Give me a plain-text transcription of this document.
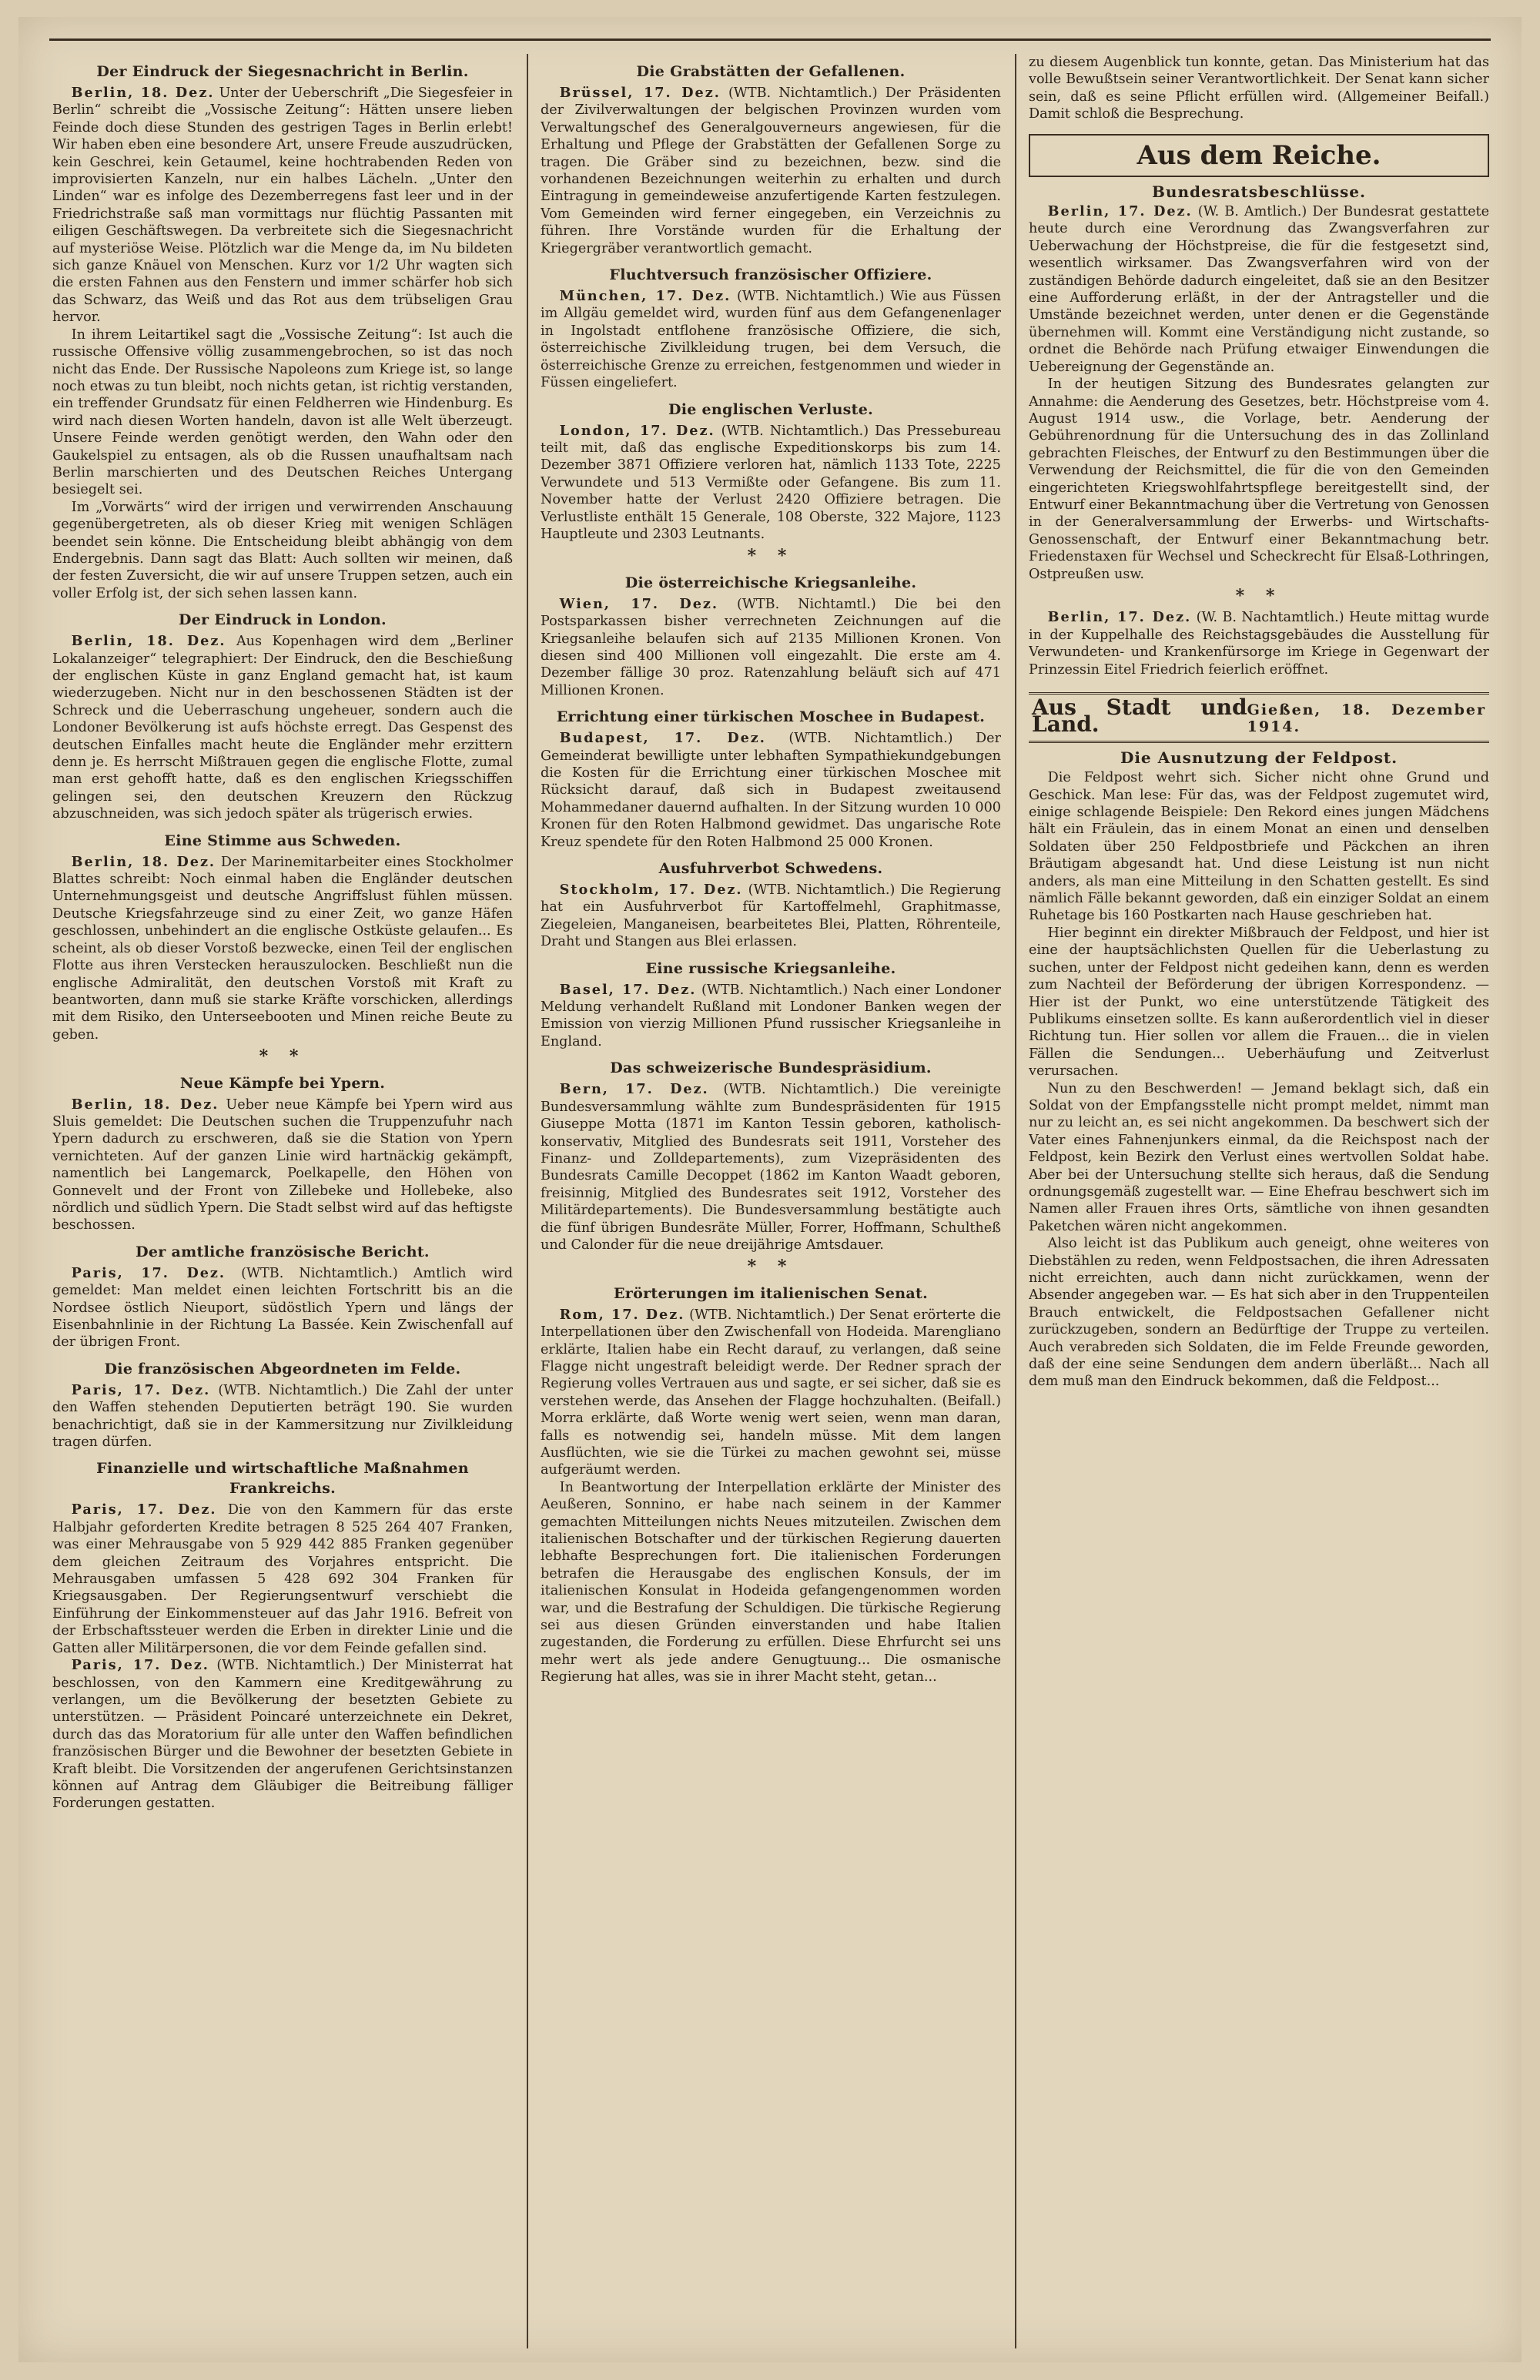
Der Eindruck der Siegesnachricht in Berlin.

Berlin, 18. Dez. Unter der Ueberschrift „Die Siegesfeier in Berlin“ schreibt die „Vossische Zeitung“: Hätten unsere lieben Feinde doch diese Stunden des gestrigen Tages in Berlin erlebt! Wir haben eben eine besondere Art, unsere Freude auszudrücken, kein Geschrei, kein Getaumel, keine hochtrabenden Reden von improvisierten Kanzeln, nur ein halbes Lächeln. „Unter den Linden“ war es infolge des Dezemberregens fast leer und in der Friedrichstraße saß man vormittags nur flüchtig Passanten mit eiligen Geschäftswegen. Da verbreitete sich die Siegesnachricht auf mysteriöse Weise. Plötzlich war die Menge da, im Nu bildeten sich ganze Knäuel von Menschen. Kurz vor 1/2 Uhr wagten sich die ersten Fahnen aus den Fenstern und immer schärfer hob sich das Schwarz, das Weiß und das Rot aus dem trübseligen Grau hervor.

In ihrem Leitartikel sagt die „Vossische Zeitung“: Ist auch die russische Offensive völlig zusammengebrochen, so ist das noch nicht das Ende. Der Russische Napoleons zum Kriege ist, so lange noch etwas zu tun bleibt, noch nichts getan, ist richtig verstanden, ein treffender Grundsatz für einen Feldherren wie Hindenburg. Es wird nach diesen Worten handeln, davon ist alle Welt überzeugt. Unsere Feinde werden genötigt werden, den Wahn oder den Gaukelspiel zu entsagen, als ob die Russen unaufhaltsam nach Berlin marschierten und des Deutschen Reiches Untergang besiegelt sei.

Im „Vorwärts“ wird der irrigen und verwirrenden Anschauung gegenübergetreten, als ob dieser Krieg mit wenigen Schlägen beendet sein könne. Die Entscheidung bleibt abhängig von dem Endergebnis. Dann sagt das Blatt: Auch sollten wir meinen, daß der festen Zuversicht, die wir auf unsere Truppen setzen, auch ein voller Erfolg ist, der sich sehen lassen kann.

Der Eindruck in London.

Berlin, 18. Dez. Aus Kopenhagen wird dem „Berliner Lokalanzeiger“ telegraphiert: Der Eindruck, den die Beschießung der englischen Küste in ganz England gemacht hat, ist kaum wiederzugeben. Nicht nur in den beschossenen Städten ist der Schreck und die Ueberraschung ungeheuer, sondern auch die Londoner Bevölkerung ist aufs höchste erregt. Das Gespenst des deutschen Einfalles macht heute die Engländer mehr erzittern denn je. Es herrscht Mißtrauen gegen die englische Flotte, zumal man erst gehofft hatte, daß es den englischen Kriegsschiffen gelingen sei, den deutschen Kreuzern den Rückzug abzuschneiden, was sich jedoch später als trügerisch erwies.

Eine Stimme aus Schweden.

Berlin, 18. Dez. Der Marinemitarbeiter eines Stockholmer Blattes schreibt: Noch einmal haben die Engländer deutschen Unternehmungsgeist und deutsche Angriffslust fühlen müssen. Deutsche Kriegsfahrzeuge sind zu einer Zeit, wo ganze Häfen geschlossen, unbehindert an die englische Ostküste gelaufen... Es scheint, als ob dieser Vorstoß bezwecke, einen Teil der englischen Flotte aus ihren Verstecken herauszulocken. Beschließt nun die englische Admiralität, den deutschen Vorstoß mit Kraft zu beantworten, dann muß sie starke Kräfte vorschicken, allerdings mit dem Risiko, den Unterseebooten und Minen reiche Beute zu geben.

* *
Neue Kämpfe bei Ypern.

Berlin, 18. Dez. Ueber neue Kämpfe bei Ypern wird aus Sluis gemeldet: Die Deutschen suchen die Truppenzufuhr nach Ypern dadurch zu erschweren, daß sie die Station von Ypern vernichteten. Auf der ganzen Linie wird hartnäckig gekämpft, namentlich bei Langemarck, Poelkapelle, den Höhen von Gonnevelt und der Front von Zillebeke und Hollebeke, also nördlich und südlich Ypern. Die Stadt selbst wird auf das heftigste beschossen.

Der amtliche französische Bericht.

Paris, 17. Dez. (WTB. Nichtamtlich.) Amtlich wird gemeldet: Man meldet einen leichten Fortschritt bis an die Nordsee östlich Nieuport, südöstlich Ypern und längs der Eisenbahnlinie in der Richtung La Bassée. Kein Zwischenfall auf der übrigen Front.

Die französischen Abgeordneten im Felde.

Paris, 17. Dez. (WTB. Nichtamtlich.) Die Zahl der unter den Waffen stehenden Deputierten beträgt 190. Sie wurden benachrichtigt, daß sie in der Kammersitzung nur Zivilkleidung tragen dürfen.

Finanzielle und wirtschaftliche Maßnahmen Frankreichs.

Paris, 17. Dez. Die von den Kammern für das erste Halbjahr geforderten Kredite betragen 8 525 264 407 Franken, was einer Mehrausgabe von 5 929 442 885 Franken gegenüber dem gleichen Zeitraum des Vorjahres entspricht. Die Mehrausgaben umfassen 5 428 692 304 Franken für Kriegsausgaben. Der Regierungsentwurf verschiebt die Einführung der Einkommensteuer auf das Jahr 1916. Befreit von der Erbschaftssteuer werden die Erben in direkter Linie und die Gatten aller Militärpersonen, die vor dem Feinde gefallen sind.

Paris, 17. Dez. (WTB. Nichtamtlich.) Der Ministerrat hat beschlossen, von den Kammern eine Kreditgewährung zu verlangen, um die Bevölkerung der besetzten Gebiete zu unterstützen. — Präsident Poincaré unterzeichnete ein Dekret, durch das das Moratorium für alle unter den Waffen befindlichen französischen Bürger und die Bewohner der besetzten Gebiete in Kraft bleibt. Die Vorsitzenden der angerufenen Gerichtsinstanzen können auf Antrag dem Gläubiger die Beitreibung fälliger Forderungen gestatten.

Die Grabstätten der Gefallenen.

Brüssel, 17. Dez. (WTB. Nichtamtlich.) Der Präsidenten der Zivilverwaltungen der belgischen Provinzen wurden vom Verwaltungschef des Generalgouverneurs angewiesen, für die Erhaltung und Pflege der Grabstätten der Gefallenen Sorge zu tragen. Die Gräber sind zu bezeichnen, bezw. sind die vorhandenen Bezeichnungen weiterhin zu erhalten und durch Eintragung in gemeindeweise anzufertigende Karten festzulegen. Vom Gemeinden wird ferner eingegeben, ein Verzeichnis zu führen. Ihre Vorstände wurden für die Erhaltung der Kriegergräber verantwortlich gemacht.

Fluchtversuch französischer Offiziere.

München, 17. Dez. (WTB. Nichtamtlich.) Wie aus Füssen im Allgäu gemeldet wird, wurden fünf aus dem Gefangenenlager in Ingolstadt entflohene französische Offiziere, die sich, österreichische Zivilkleidung trugen, bei dem Versuch, die österreichische Grenze zu erreichen, festgenommen und wieder in Füssen eingeliefert.

Die englischen Verluste.

London, 17. Dez. (WTB. Nichtamtlich.) Das Pressebureau teilt mit, daß das englische Expeditionskorps bis zum 14. Dezember 3871 Offiziere verloren hat, nämlich 1133 Tote, 2225 Verwundete und 513 Vermißte oder Gefangene. Bis zum 11. November hatte der Verlust 2420 Offiziere betragen. Die Verlustliste enthält 15 Generale, 108 Oberste, 322 Majore, 1123 Hauptleute und 2303 Leutnants.

* *
Die österreichische Kriegsanleihe.

Wien, 17. Dez. (WTB. Nichtamtl.) Die bei den Postsparkassen bisher verrechneten Zeichnungen auf die Kriegsanleihe belaufen sich auf 2135 Millionen Kronen. Von diesen sind 400 Millionen voll eingezahlt. Die erste am 4. Dezember fällige 30 proz. Ratenzahlung beläuft sich auf 471 Millionen Kronen.

Errichtung einer türkischen Moschee in Budapest.

Budapest, 17. Dez. (WTB. Nichtamtlich.) Der Gemeinderat bewilligte unter lebhaften Sympathiekundgebungen die Kosten für die Errichtung einer türkischen Moschee mit Rücksicht darauf, daß sich in Budapest zweitausend Mohammedaner dauernd aufhalten. In der Sitzung wurden 10 000 Kronen für den Roten Halbmond gewidmet. Das ungarische Rote Kreuz spendete für den Roten Halbmond 25 000 Kronen.

Ausfuhrverbot Schwedens.

Stockholm, 17. Dez. (WTB. Nichtamtlich.) Die Regierung hat ein Ausfuhrverbot für Kartoffelmehl, Graphitmasse, Ziegeleien, Manganeisen, bearbeitetes Blei, Platten, Röhrenteile, Draht und Stangen aus Blei erlassen.

Eine russische Kriegsanleihe.

Basel, 17. Dez. (WTB. Nichtamtlich.) Nach einer Londoner Meldung verhandelt Rußland mit Londoner Banken wegen der Emission von vierzig Millionen Pfund russischer Kriegsanleihe in England.

Das schweizerische Bundespräsidium.

Bern, 17. Dez. (WTB. Nichtamtlich.) Die vereinigte Bundesversammlung wählte zum Bundespräsidenten für 1915 Giuseppe Motta (1871 im Kanton Tessin geboren, katholisch-konservativ, Mitglied des Bundesrats seit 1911, Vorsteher des Finanz- und Zolldepartements), zum Vizepräsidenten des Bundesrats Camille Decoppet (1862 im Kanton Waadt geboren, freisinnig, Mitglied des Bundesrates seit 1912, Vorsteher des Militärdepartements). Die Bundesversammlung bestätigte auch die fünf übrigen Bundesräte Müller, Forrer, Hoffmann, Schultheß und Calonder für die neue dreijährige Amtsdauer.

* *
Erörterungen im italienischen Senat.

Rom, 17. Dez. (WTB. Nichtamtlich.) Der Senat erörterte die Interpellationen über den Zwischenfall von Hodeida. Marengliano erklärte, Italien habe ein Recht darauf, zu verlangen, daß seine Flagge nicht ungestraft beleidigt werde. Der Redner sprach der Regierung volles Vertrauen aus und sagte, er sei sicher, daß sie es verstehen werde, das Ansehen der Flagge hochzuhalten. (Beifall.) Morra erklärte, daß Worte wenig wert seien, wenn man daran, falls es notwendig sei, handeln müsse. Mit dem langen Ausflüchten, wie sie die Türkei zu machen gewohnt sei, müsse aufgeräumt werden.

In Beantwortung der Interpellation erklärte der Minister des Aeußeren, Sonnino, er habe nach seinem in der Kammer gemachten Mitteilungen nichts Neues mitzuteilen. Zwischen dem italienischen Botschafter und der türkischen Regierung dauerten lebhafte Besprechungen fort. Die italienischen Forderungen betrafen die Herausgabe des englischen Konsuls, der im italienischen Konsulat in Hodeida gefangengenommen worden war, und die Bestrafung der Schuldigen. Die türkische Regierung sei aus diesen Gründen einverstanden und habe Italien zugestanden, die Forderung zu erfüllen. Diese Ehrfurcht sei uns mehr wert als jede andere Genugtuung... Die osmanische Regierung hat alles, was sie in ihrer Macht steht, getan...

zu diesem Augenblick tun konnte, getan. Das Ministerium hat das volle Bewußtsein seiner Verantwortlichkeit. Der Senat kann sicher sein, daß es seine Pflicht erfüllen wird. (Allgemeiner Beifall.) Damit schloß die Besprechung.

Aus dem Reiche.
Bundesratsbeschlüsse.

Berlin, 17. Dez. (W. B. Amtlich.) Der Bundesrat gestattete heute durch eine Verordnung das Zwangsverfahren zur Ueberwachung der Höchstpreise, die für die festgesetzt sind, wesentlich wirksamer. Das Zwangsverfahren wird von der zuständigen Behörde dadurch eingeleitet, daß sie an den Besitzer eine Aufforderung erläßt, in der der Antragsteller und die Umstände bezeichnet werden, unter denen er die Gegenstände übernehmen will. Kommt eine Verständigung nicht zustande, so ordnet die Behörde nach Prüfung etwaiger Einwendungen die Uebereignung der Gegenstände an.

In der heutigen Sitzung des Bundesrates gelangten zur Annahme: die Aenderung des Gesetzes, betr. Höchstpreise vom 4. August 1914 usw., die Vorlage, betr. Aenderung der Gebührenordnung für die Untersuchung des in das Zollinland gebrachten Fleisches, der Entwurf zu den Bestimmungen über die Verwendung der Reichsmittel, die für die von den Gemeinden eingerichteten Kriegswohlfahrtspflege bereitgestellt sind, der Entwurf einer Bekanntmachung über die Vertretung von Genossen in der Generalversammlung der Erwerbs- und Wirtschafts-Genossenschaft, der Entwurf einer Bekanntmachung betr. Friedenstaxen für Wechsel und Scheckrecht für Elsaß-Lothringen, Ostpreußen usw.

* *

Berlin, 17. Dez. (W. B. Nachtamtlich.) Heute mittag wurde in der Kuppelhalle des Reichstagsgebäudes die Ausstellung für Verwundeten- und Krankenfürsorge im Kriege in Gegenwart der Prinzessin Eitel Friedrich feierlich eröffnet.

Aus Stadt und Land.
Gießen, 18. Dezember 1914.
Die Ausnutzung der Feldpost.

Die Feldpost wehrt sich. Sicher nicht ohne Grund und Geschick. Man lese: Für das, was der Feldpost zugemutet wird, einige schlagende Beispiele: Den Rekord eines jungen Mädchens hält ein Fräulein, das in einem Monat an einen und denselben Soldaten über 250 Feldpostbriefe und Päckchen an ihren Bräutigam abgesandt hat. Und diese Leistung ist nun nicht anders, als man eine Mitteilung in den Schatten gestellt. Es sind nämlich Fälle bekannt geworden, daß ein einziger Soldat an einem Ruhetage bis 160 Postkarten nach Hause geschrieben hat.

Hier beginnt ein direkter Mißbrauch der Feldpost, und hier ist eine der hauptsächlichsten Quellen für die Ueberlastung zu suchen, unter der Feldpost nicht gedeihen kann, denn es werden zum Nachteil der Beförderung der übrigen Korrespondenz. — Hier ist der Punkt, wo eine unterstützende Tätigkeit des Publikums einsetzen sollte. Es kann außerordentlich viel in dieser Richtung tun. Hier sollen vor allem die Frauen... die in vielen Fällen die Sendungen... Ueberhäufung und Zeitverlust verursachen.

Nun zu den Beschwerden! — Jemand beklagt sich, daß ein Soldat von der Empfangsstelle nicht prompt meldet, nimmt man nur zu leicht an, es sei nicht angekommen. Da beschwert sich der Vater eines Fahnenjunkers einmal, da die Reichspost nach der Feldpost, kein Bezirk den Verlust eines wertvollen Soldat habe. Aber bei der Untersuchung stellte sich heraus, daß die Sendung ordnungsgemäß zugestellt war. — Eine Ehefrau beschwert sich im Namen aller Frauen ihres Orts, sämtliche von ihnen gesandten Paketchen wären nicht angekommen.

Also leicht ist das Publikum auch geneigt, ohne weiteres von Diebstählen zu reden, wenn Feldpostsachen, die ihren Adressaten nicht erreichten, auch dann nicht zurückkamen, wenn der Absender angegeben war. — Es hat sich aber in den Truppenteilen Brauch entwickelt, die Feldpostsachen Gefallener nicht zurückzugeben, sondern an Bedürftige der Truppe zu verteilen. Auch verabreden sich Soldaten, die im Felde Freunde geworden, daß der eine seine Sendungen dem andern überläßt... Nach all dem muß man den Eindruck bekommen, daß die Feldpost...
